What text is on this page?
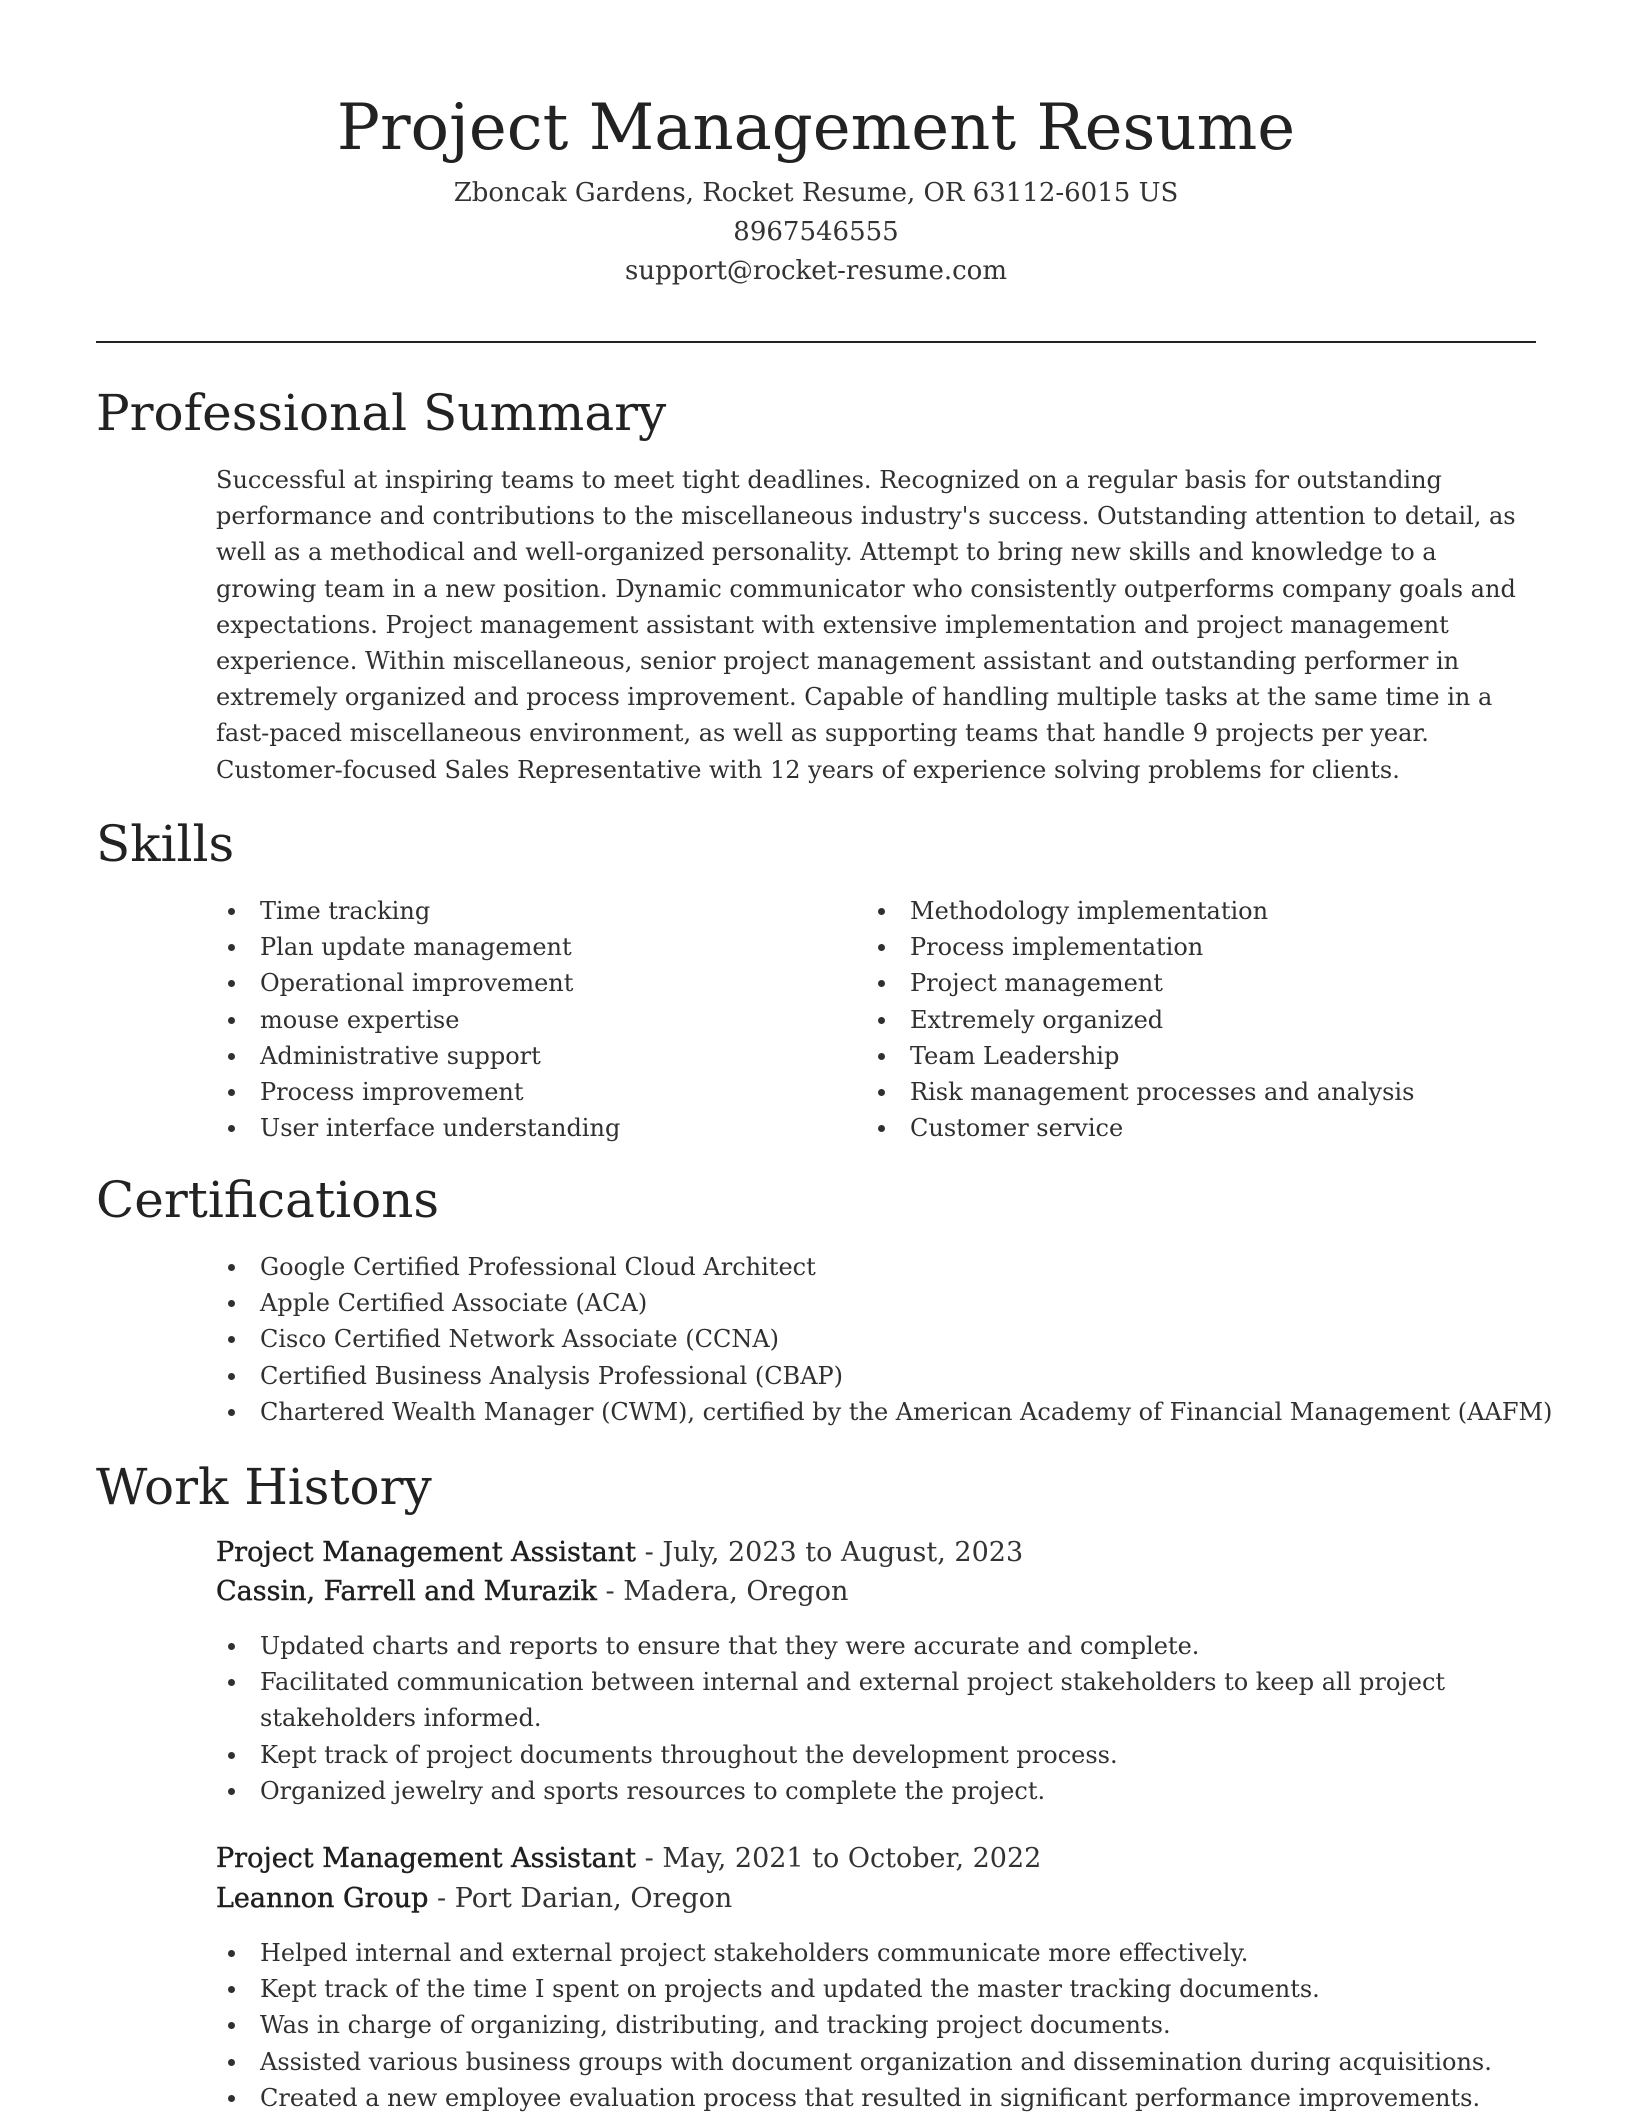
Project Management Resume
Zboncak Gardens, Rocket Resume, OR 63112-6015 US
8967546555
support@rocket-resume.com
Professional Summary
Successful at inspiring teams to meet tight deadlines. Recognized on a regular basis for outstanding performance and contributions to the miscellaneous industry's success. Outstanding attention to detail, as well as a methodical and well-organized personality. Attempt to bring new skills and knowledge to a growing team in a new position. Dynamic communicator who consistently outperforms company goals and expectations. Project management assistant with extensive implementation and project management experience. Within miscellaneous, senior project management assistant and outstanding performer in extremely organized and process improvement. Capable of handling multiple tasks at the same time in a fast-paced miscellaneous environment, as well as supporting teams that handle 9 projects per year. Customer-focused Sales Representative with 12 years of experience solving problems for clients.
Skills
Time tracking
Plan update management
Operational improvement
mouse expertise
Administrative support
Process improvement
User interface understanding
Methodology implementation
Process implementation
Project management
Extremely organized
Team Leadership
Risk management processes and analysis
Customer service
Certifications
Google Certified Professional Cloud Architect
Apple Certified Associate (ACA)
Cisco Certified Network Associate (CCNA)
Certified Business Analysis Professional (CBAP)
Chartered Wealth Manager (CWM), certified by the American Academy of Financial Management (AAFM)
Work History
Project Management Assistant - July, 2023 to August, 2023
Cassin, Farrell and Murazik - Madera, Oregon
Updated charts and reports to ensure that they were accurate and complete.
Facilitated communication between internal and external project stakeholders to keep all project stakeholders informed.
Kept track of project documents throughout the development process.
Organized jewelry and sports resources to complete the project.
Project Management Assistant - May, 2021 to October, 2022
Leannon Group - Port Darian, Oregon
Helped internal and external project stakeholders communicate more effectively.
Kept track of the time I spent on projects and updated the master tracking documents.
Was in charge of organizing, distributing, and tracking project documents.
Assisted various business groups with document organization and dissemination during acquisitions.
Created a new employee evaluation process that resulted in significant performance improvements.
